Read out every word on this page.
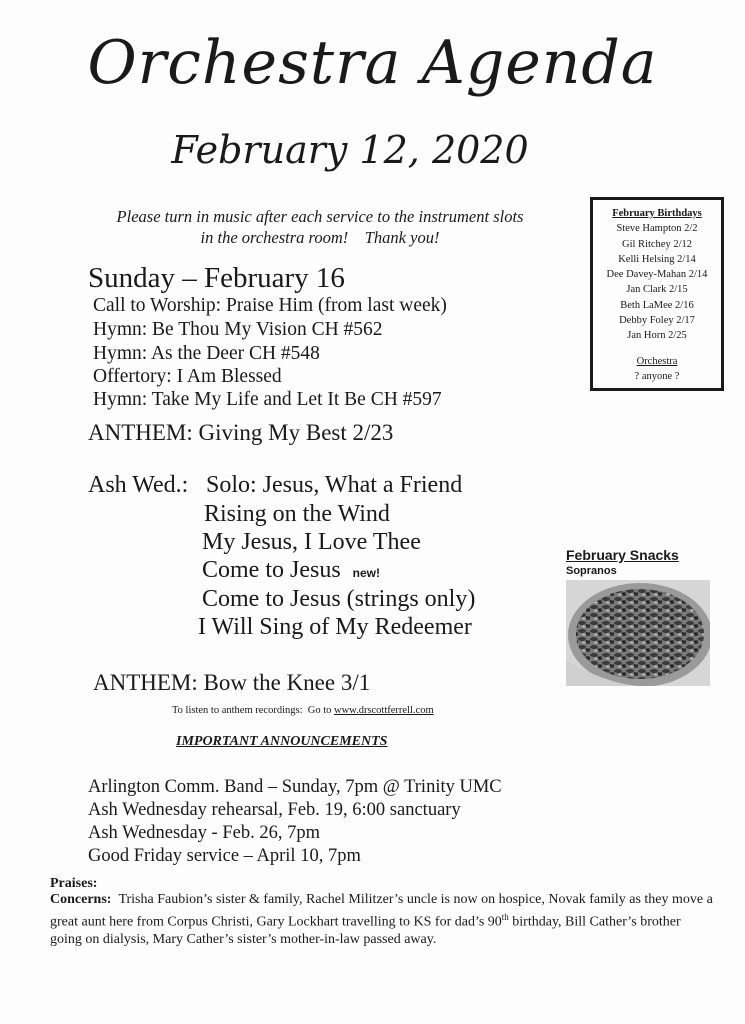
Orchestra Agenda
February 12, 2020
Please turn in music after each service to the instrument slots
in the orchestra room!    Thank you!
Sunday – February 16
Call to Worship: Praise Him (from last week)
Hymn: Be Thou My Vision CH #562
Hymn: As the Deer CH #548
Offertory: I Am Blessed
Hymn: Take My Life and Let It Be CH #597
ANTHEM: Giving My Best 2/23
Ash Wed.: Solo: Jesus, What a Friend
Rising on the Wind
My Jesus, I Love Thee
Come to Jesus new!
Come to Jesus (strings only)
I Will Sing of My Redeemer
ANTHEM: Bow the Knee 3/1
To listen to anthem recordings:  Go to www.drscottferrell.com
IMPORTANT ANNOUNCEMENTS
Arlington Comm. Band – Sunday, 7pm @ Trinity UMC
Ash Wednesday rehearsal, Feb. 19, 6:00 sanctuary
Ash Wednesday - Feb. 26, 7pm
Good Friday service – April 10, 7pm
Praises:
Concerns: Trisha Faubion’s sister & family, Rachel Militzer’s uncle is now on hospice, Novak family as they move a great aunt here from Corpus Christi, Gary Lockhart travelling to KS for dad’s 90th birthday, Bill Cather’s brother going on dialysis, Mary Cather’s sister’s mother-in-law passed away.
February Birthdays
Steve Hampton 2/2
Gil Ritchey 2/12
Kelli Helsing 2/14
Dee Davey-Mahan 2/14
Jan Clark 2/15
Beth LaMee 2/16
Debby Foley 2/17
Jan Horn 2/25
Orchestra
? anyone ?
February Snacks
Sopranos
